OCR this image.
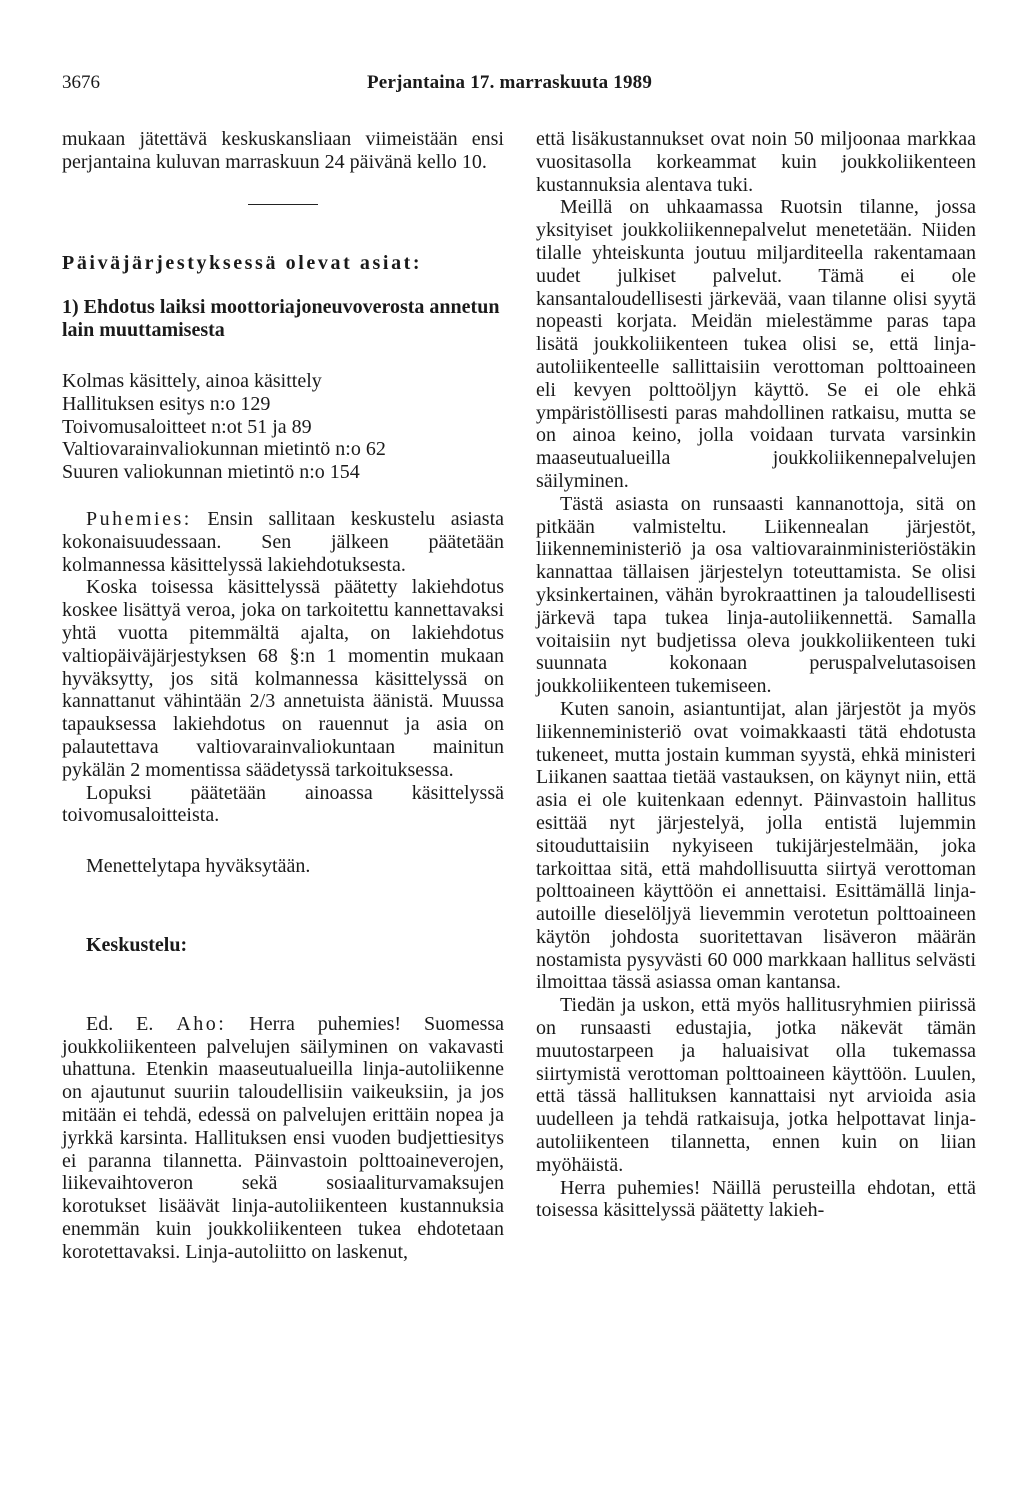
3676	Perjantaina 17. marraskuuta 1989

mukaan jätettävä keskuskansliaan viimeistään ensi perjantaina kuluvan marraskuun 24 päivänä kello 10.

Päiväjärjestyksessä olevat asiat:

1) Ehdotus laiksi moottoriajoneuvoverosta annetun lain muuttamisesta

Kolmas käsittely, ainoa käsittely
Hallituksen esitys n:o 129
Toivomusaloitteet n:ot 51 ja 89
Valtiovarainvaliokunnan mietintö n:o 62
Suuren valiokunnan mietintö n:o 154

Puhemies: Ensin sallitaan keskustelu asiasta kokonaisuudessaan. Sen jälkeen päätetään kolmannessa käsittelyssä lakiehdotuksesta.

Koska toisessa käsittelyssä päätetty lakiehdotus koskee lisättyä veroa, joka on tarkoitettu kannettavaksi yhtä vuotta pitemmältä ajalta, on lakiehdotus valtiopäiväjärjestyksen 68 §:n 1 momentin mukaan hyväksytty, jos sitä kolmannessa käsittelyssä on kannattanut vähintään 2/3 annetuista äänistä. Muussa tapauksessa lakiehdotus on rauennut ja asia on palautettava valtiovarainvaliokuntaan mainitun pykälän 2 momentissa säädetyssä tarkoituksessa.

Lopuksi päätetään ainoassa käsittelyssä toivomusaloitteista.

Menettelytapa hyväksytään.

Keskustelu:

Ed. E. Aho: Herra puhemies! Suomessa joukkoliikenteen palvelujen säilyminen on vakavasti uhattuna. Etenkin maaseutualueilla linja-autoliikenne on ajautunut suuriin taloudellisiin vaikeuksiin, ja jos mitään ei tehdä, edessä on palvelujen erittäin nopea ja jyrkkä karsinta. Hallituksen ensi vuoden budjettiesitys ei paranna tilannetta. Päinvastoin polttoaineverojen, liikevaihtoveron sekä sosiaaliturvamaksujen korotukset lisäävät linja-autoliikenteen kustannuksia enemmän kuin joukkoliikenteen tukea ehdotetaan korotettavaksi. Linja-autoliitto on laskenut,

että lisäkustannukset ovat noin 50 miljoonaa markkaa vuositasolla korkeammat kuin joukkoliikenteen kustannuksia alentava tuki.

Meillä on uhkaamassa Ruotsin tilanne, jossa yksityiset joukkoliikennepalvelut menetetään. Niiden tilalle yhteiskunta joutuu miljarditeella rakentamaan uudet julkiset palvelut. Tämä ei ole kansantaloudellisesti järkevää, vaan tilanne olisi syytä nopeasti korjata. Meidän mielestämme paras tapa lisätä joukkoliikenteen tukea olisi se, että linja-autoliikenteelle sallittaisiin verottoman polttoaineen eli kevyen polttoöljyn käyttö. Se ei ole ehkä ympäristöllisesti paras mahdollinen ratkaisu, mutta se on ainoa keino, jolla voidaan turvata varsinkin maaseutualueilla joukkoliikennepalvelujen säilyminen.

Tästä asiasta on runsaasti kannanottoja, sitä on pitkään valmisteltu. Liikennealan järjestöt, liikenneministeriö ja osa valtiovarainministeriöstäkin kannattaa tällaisen järjestelyn toteuttamista. Se olisi yksinkertainen, vähän byrokraattinen ja taloudellisesti järkevä tapa tukea linja-autoliikennettä. Samalla voitaisiin nyt budjetissa oleva joukkoliikenteen tuki suunnata kokonaan peruspalvelutasoisen joukkoliikenteen tukemiseen.

Kuten sanoin, asiantuntijat, alan järjestöt ja myös liikenneministeriö ovat voimakkaasti tätä ehdotusta tukeneet, mutta jostain kumman syystä, ehkä ministeri Liikanen saattaa tietää vastauksen, on käynyt niin, että asia ei ole kuitenkaan edennyt. Päinvastoin hallitus esittää nyt järjestelyä, jolla entistä lujemmin sitouduttaisiin nykyiseen tukijärjestelmään, joka tarkoittaa sitä, että mahdollisuutta siirtyä verottoman polttoaineen käyttöön ei annettaisi. Esittämällä linja-autoille dieselöljyä lievemmin verotetun polttoaineen käytön johdosta suoritettavan lisäveron määrän nostamista pysyvästi 60 000 markkaan hallitus selvästi ilmoittaa tässä asiassa oman kantansa.

Tiedän ja uskon, että myös hallitusryhmien piirissä on runsaasti edustajia, jotka näkevät tämän muutostarpeen ja haluaisivat olla tukemassa siirtymistä verottoman polttoaineen käyttöön. Luulen, että tässä hallituksen kannattaisi nyt arvioida asia uudelleen ja tehdä ratkaisuja, jotka helpottavat linja-autoliikenteen tilannetta, ennen kuin on liian myöhäistä.

Herra puhemies! Näillä perusteilla ehdotan, että toisessa käsittelyssä päätetty lakieh-
